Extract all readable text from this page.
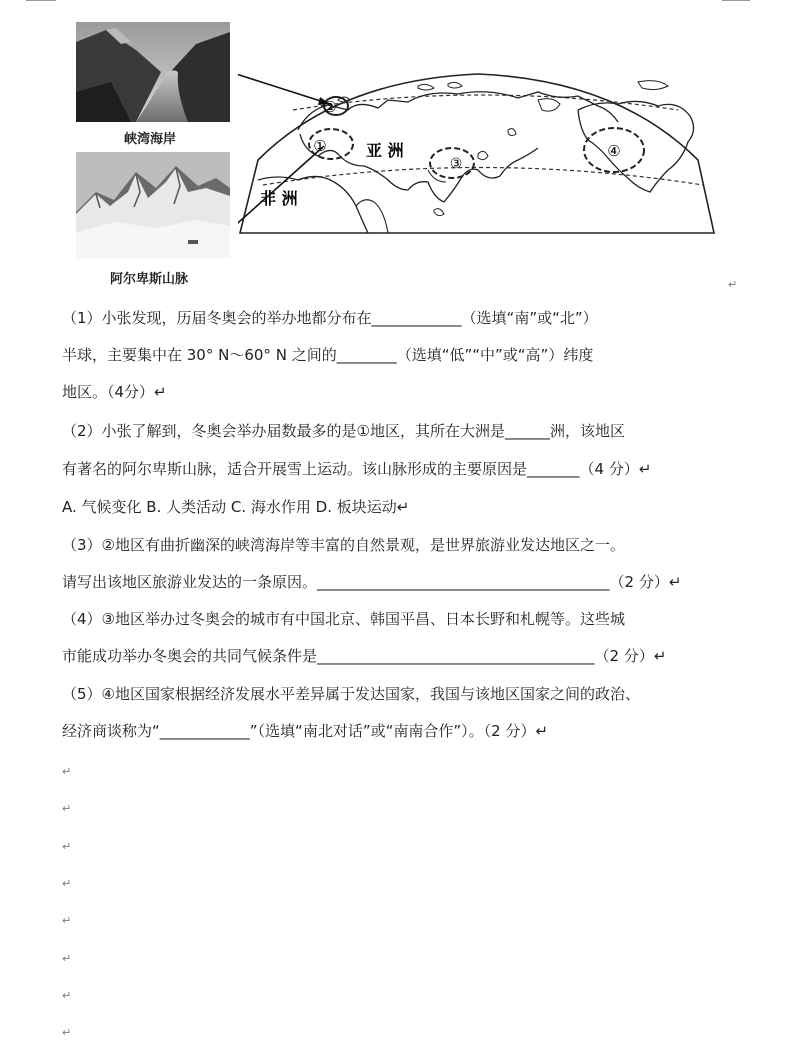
峡湾海岸
阿尔卑斯山脉
②
①
③
④
亚 洲
非 洲
↵
（1）小张发现，历届冬奥会的举办地都分布在____________（选填“南”或“北”）
半球，主要集中在 30° N～60° N 之间的________（选填“低”“中”或“高”）纬度
地区。（4分）↵
（2）小张了解到，冬奥会举办届数最多的是①地区，其所在大洲是______洲，该地区
有著名的阿尔卑斯山脉，适合开展雪上运动。该山脉形成的主要原因是_______（4 分）↵
A. 气候变化 B. 人类活动 C. 海水作用 D. 板块运动↵
（3）②地区有曲折幽深的峡湾海岸等丰富的自然景观，是世界旅游业发达地区之一。
请写出该地区旅游业发达的一条原因。_______________________________________（2 分）↵
（4）③地区举办过冬奥会的城市有中国北京、韩国平昌、日本长野和札幌等。这些城
市能成功举办冬奥会的共同气候条件是_____________________________________（2 分）↵
（5）④地区国家根据经济发展水平差异属于发达国家，我国与该地区国家之间的政治、
经济商谈称为“____________”（选填“南北对话”或“南南合作”）。（2 分）↵
↵
↵
↵
↵
↵
↵
↵
↵
